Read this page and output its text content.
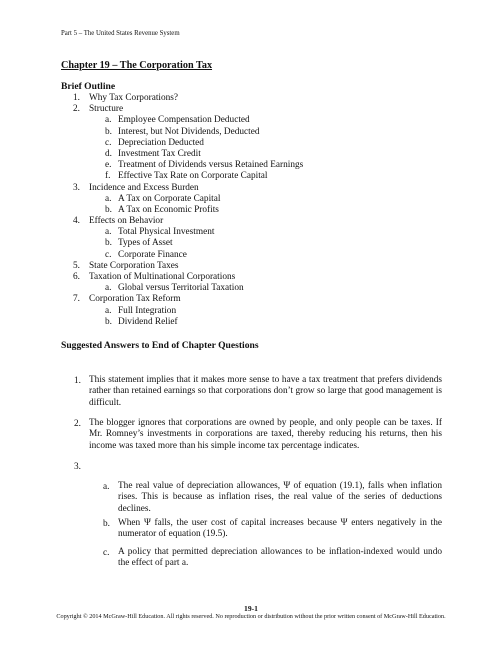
Part 5 – The United States Revenue System
Chapter 19 – The Corporation Tax
Brief Outline
1. Why Tax Corporations?
2. Structure
a. Employee Compensation Deducted
b. Interest, but Not Dividends, Deducted
c. Depreciation Deducted
d. Investment Tax Credit
e. Treatment of Dividends versus Retained Earnings
f. Effective Tax Rate on Corporate Capital
3. Incidence and Excess Burden
a. A Tax on Corporate Capital
b. A Tax on Economic Profits
4. Effects on Behavior
a. Total Physical Investment
b. Types of Asset
c. Corporate Finance
5. State Corporation Taxes
6. Taxation of Multinational Corporations
a. Global versus Territorial Taxation
7. Corporation Tax Reform
a. Full Integration
b. Dividend Relief
Suggested Answers to End of Chapter Questions
1. This statement implies that it makes more sense to have a tax treatment that prefers dividends rather than retained earnings so that corporations don’t grow so large that good management is difficult.
2. The blogger ignores that corporations are owned by people, and only people can be taxes. If Mr. Romney’s investments in corporations are taxed, thereby reducing his returns, then his income was taxed more than his simple income tax percentage indicates.
3.
a. The real value of depreciation allowances, Ψ of equation (19.1), falls when inflation rises. This is because as inflation rises, the real value of the series of deductions declines.
b. When Ψ falls, the user cost of capital increases because Ψ enters negatively in the numerator of equation (19.5).
c. A policy that permitted depreciation allowances to be inflation-indexed would undo the effect of part a.
19-1
Copyright © 2014 McGraw-Hill Education. All rights reserved. No reproduction or distribution without the prior written consent of McGraw-Hill Education.
